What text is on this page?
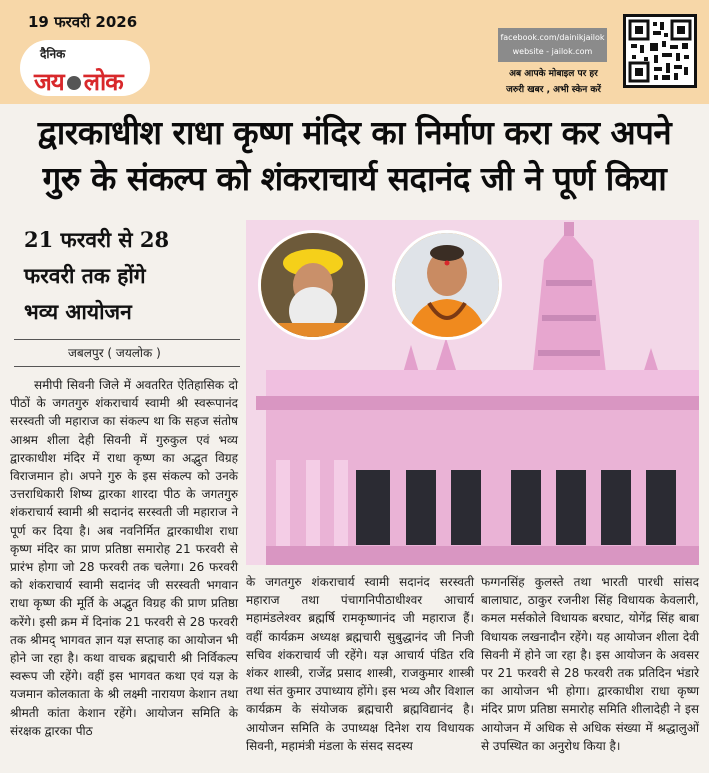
19 फरवरी 2026
दैनिक
जय लोक
facebook.com/dainikjailok
website - jailok.com
अब आपके मोबाइल पर हर
जरुरी खबर , अभी स्केन करें
द्वारकाधीश राधा कृष्ण मंदिर का निर्माण करा कर अपने
गुरु के संकल्प को शंकराचार्य सदानंद जी ने पूर्ण किया
21 फरवरी से 28
फरवरी तक होंगे
भव्य आयोजन
जबलपुर ( जयलोक )
समीपी सिवनी जिले में अवतरित ऐतिहासिक दो पीठों के जगतगुरु शंकराचार्य स्वामी श्री स्वरूपानंद सरस्वती जी महाराज का संकल्प था कि सहज संतोष आश्रम शीला देही सिवनी में गुरुकुल एवं भव्य द्वारकाधीश मंदिर में राधा कृष्ण का अद्भुत विग्रह विराजमान हो। अपने गुरु के इस संकल्प को उनके उत्तराधिकारी शिष्य द्वारका शारदा पीठ के जगतगुरु शंकराचार्य स्वामी श्री सदानंद सरस्वती जी महाराज ने पूर्ण कर दिया है। अब नवनिर्मित द्वारकाधीश राधा कृष्ण मंदिर का प्राण प्रतिष्ठा समारोह 21 फरवरी से प्रारंभ होगा जो 28 फरवरी तक चलेगा। 26 फरवरी को शंकराचार्य स्वामी सदानंद जी सरस्वती भगवान राधा कृष्ण की मूर्ति के अद्भुत विग्रह की प्राण प्रतिष्ठा करेंगे। इसी क्रम में दिनांक 21 फरवरी से 28 फरवरी तक श्रीमद् भागवत ज्ञान यज्ञ सप्ताह का आयोजन भी होने जा रहा है। कथा वाचक ब्रह्मचारी श्री निर्विकल्प स्वरूप जी रहेंगे। वहीं इस भागवत कथा एवं यज्ञ के यजमान कोलकाता के श्री लक्ष्मी नारायण केशान तथा श्रीमती कांता केशान रहेंगे। आयोजन समिति के संरक्षक द्वारका पीठ
के जगतगुरु शंकराचार्य स्वामी सदानंद सरस्वती महाराज तथा पंचागनिपीठाधीश्वर आचार्य महामंडलेश्वर ब्रह्मर्षि रामकृष्णानंद जी महाराज हैं। वहीं कार्यक्रम अध्यक्ष ब्रह्मचारी सुबुद्धानंद जी निजी सचिव शंकराचार्य जी रहेंगे। यज्ञ आचार्य पंडित रवि शंकर शास्त्री, राजेंद्र प्रसाद शास्त्री, राजकुमार शास्त्री तथा संत कुमार उपाध्याय होंगे। इस भव्य और विशाल कार्यक्रम के संयोजक ब्रह्मचारी ब्रह्मविद्यानंद है। आयोजन समिति के उपाध्यक्ष दिनेश राय विधायक सिवनी, महामंत्री मंडला के संसद सदस्य
फग्गनसिंह कुलस्ते तथा भारती पारधी सांसद बालाघाट, ठाकुर रजनीश सिंह विधायक केवलारी, कमल मर्सकोले विधायक बरघाट, योगेंद्र सिंह बाबा विधायक लखनादौन रहेंगे। यह आयोजन शीला देवी सिवनी में होने जा रहा है। इस आयोजन के अवसर पर 21 फरवरी से 28 फरवरी तक प्रतिदिन भंडारे का आयोजन भी होगा। द्वारकाधीश राधा कृष्ण मंदिर प्राण प्रतिष्ठा समारोह समिति शीलादेही ने इस आयोजन में अधिक से अधिक संख्या में श्रद्धालुओं से उपस्थित का अनुरोध किया है।
